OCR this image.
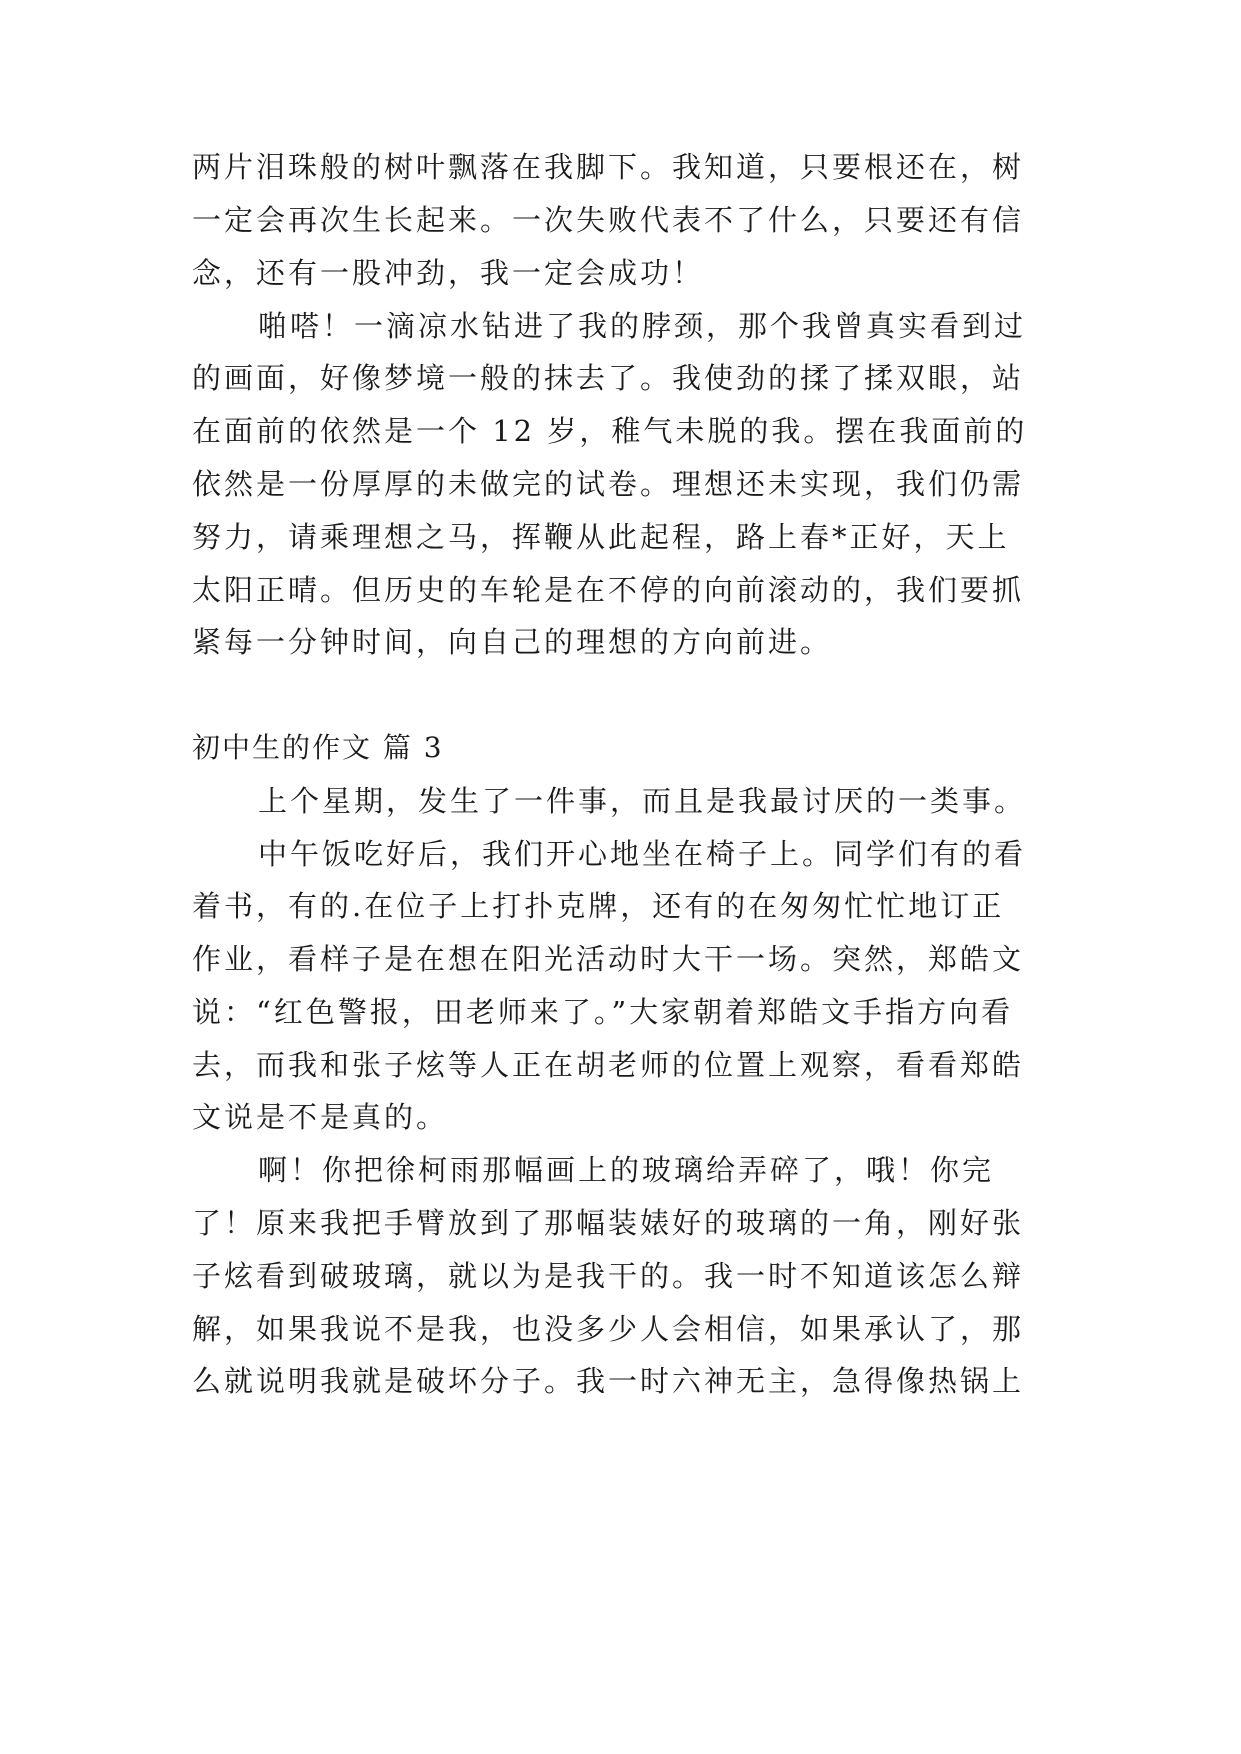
两片泪珠般的树叶飘落在我脚下。我知道，只要根还在，树
一定会再次生长起来。一次失败代表不了什么，只要还有信
念，还有一股冲劲，我一定会成功！
啪嗒！一滴凉水钻进了我的脖颈，那个我曾真实看到过
的画面，好像梦境一般的抹去了。我使劲的揉了揉双眼，站
在面前的依然是一个 12 岁，稚气未脱的我。摆在我面前的
依然是一份厚厚的未做完的试卷。理想还未实现，我们仍需
努力，请乘理想之马，挥鞭从此起程，路上春*正好，天上
太阳正晴。但历史的车轮是在不停的向前滚动的，我们要抓
紧每一分钟时间，向自己的理想的方向前进。
初中生的作文 篇 3
上个星期，发生了一件事，而且是我最讨厌的一类事。
中午饭吃好后，我们开心地坐在椅子上。同学们有的看
着书，有的.在位子上打扑克牌，还有的在匆匆忙忙地订正
作业，看样子是在想在阳光活动时大干一场。突然，郑皓文
说：“红色警报，田老师来了。”大家朝着郑皓文手指方向看
去，而我和张子炫等人正在胡老师的位置上观察，看看郑皓
文说是不是真的。
啊！你把徐柯雨那幅画上的玻璃给弄碎了，哦！你完
了！原来我把手臂放到了那幅装婊好的玻璃的一角，刚好张
子炫看到破玻璃，就以为是我干的。我一时不知道该怎么辩
解，如果我说不是我，也没多少人会相信，如果承认了，那
么就说明我就是破坏分子。我一时六神无主，急得像热锅上
